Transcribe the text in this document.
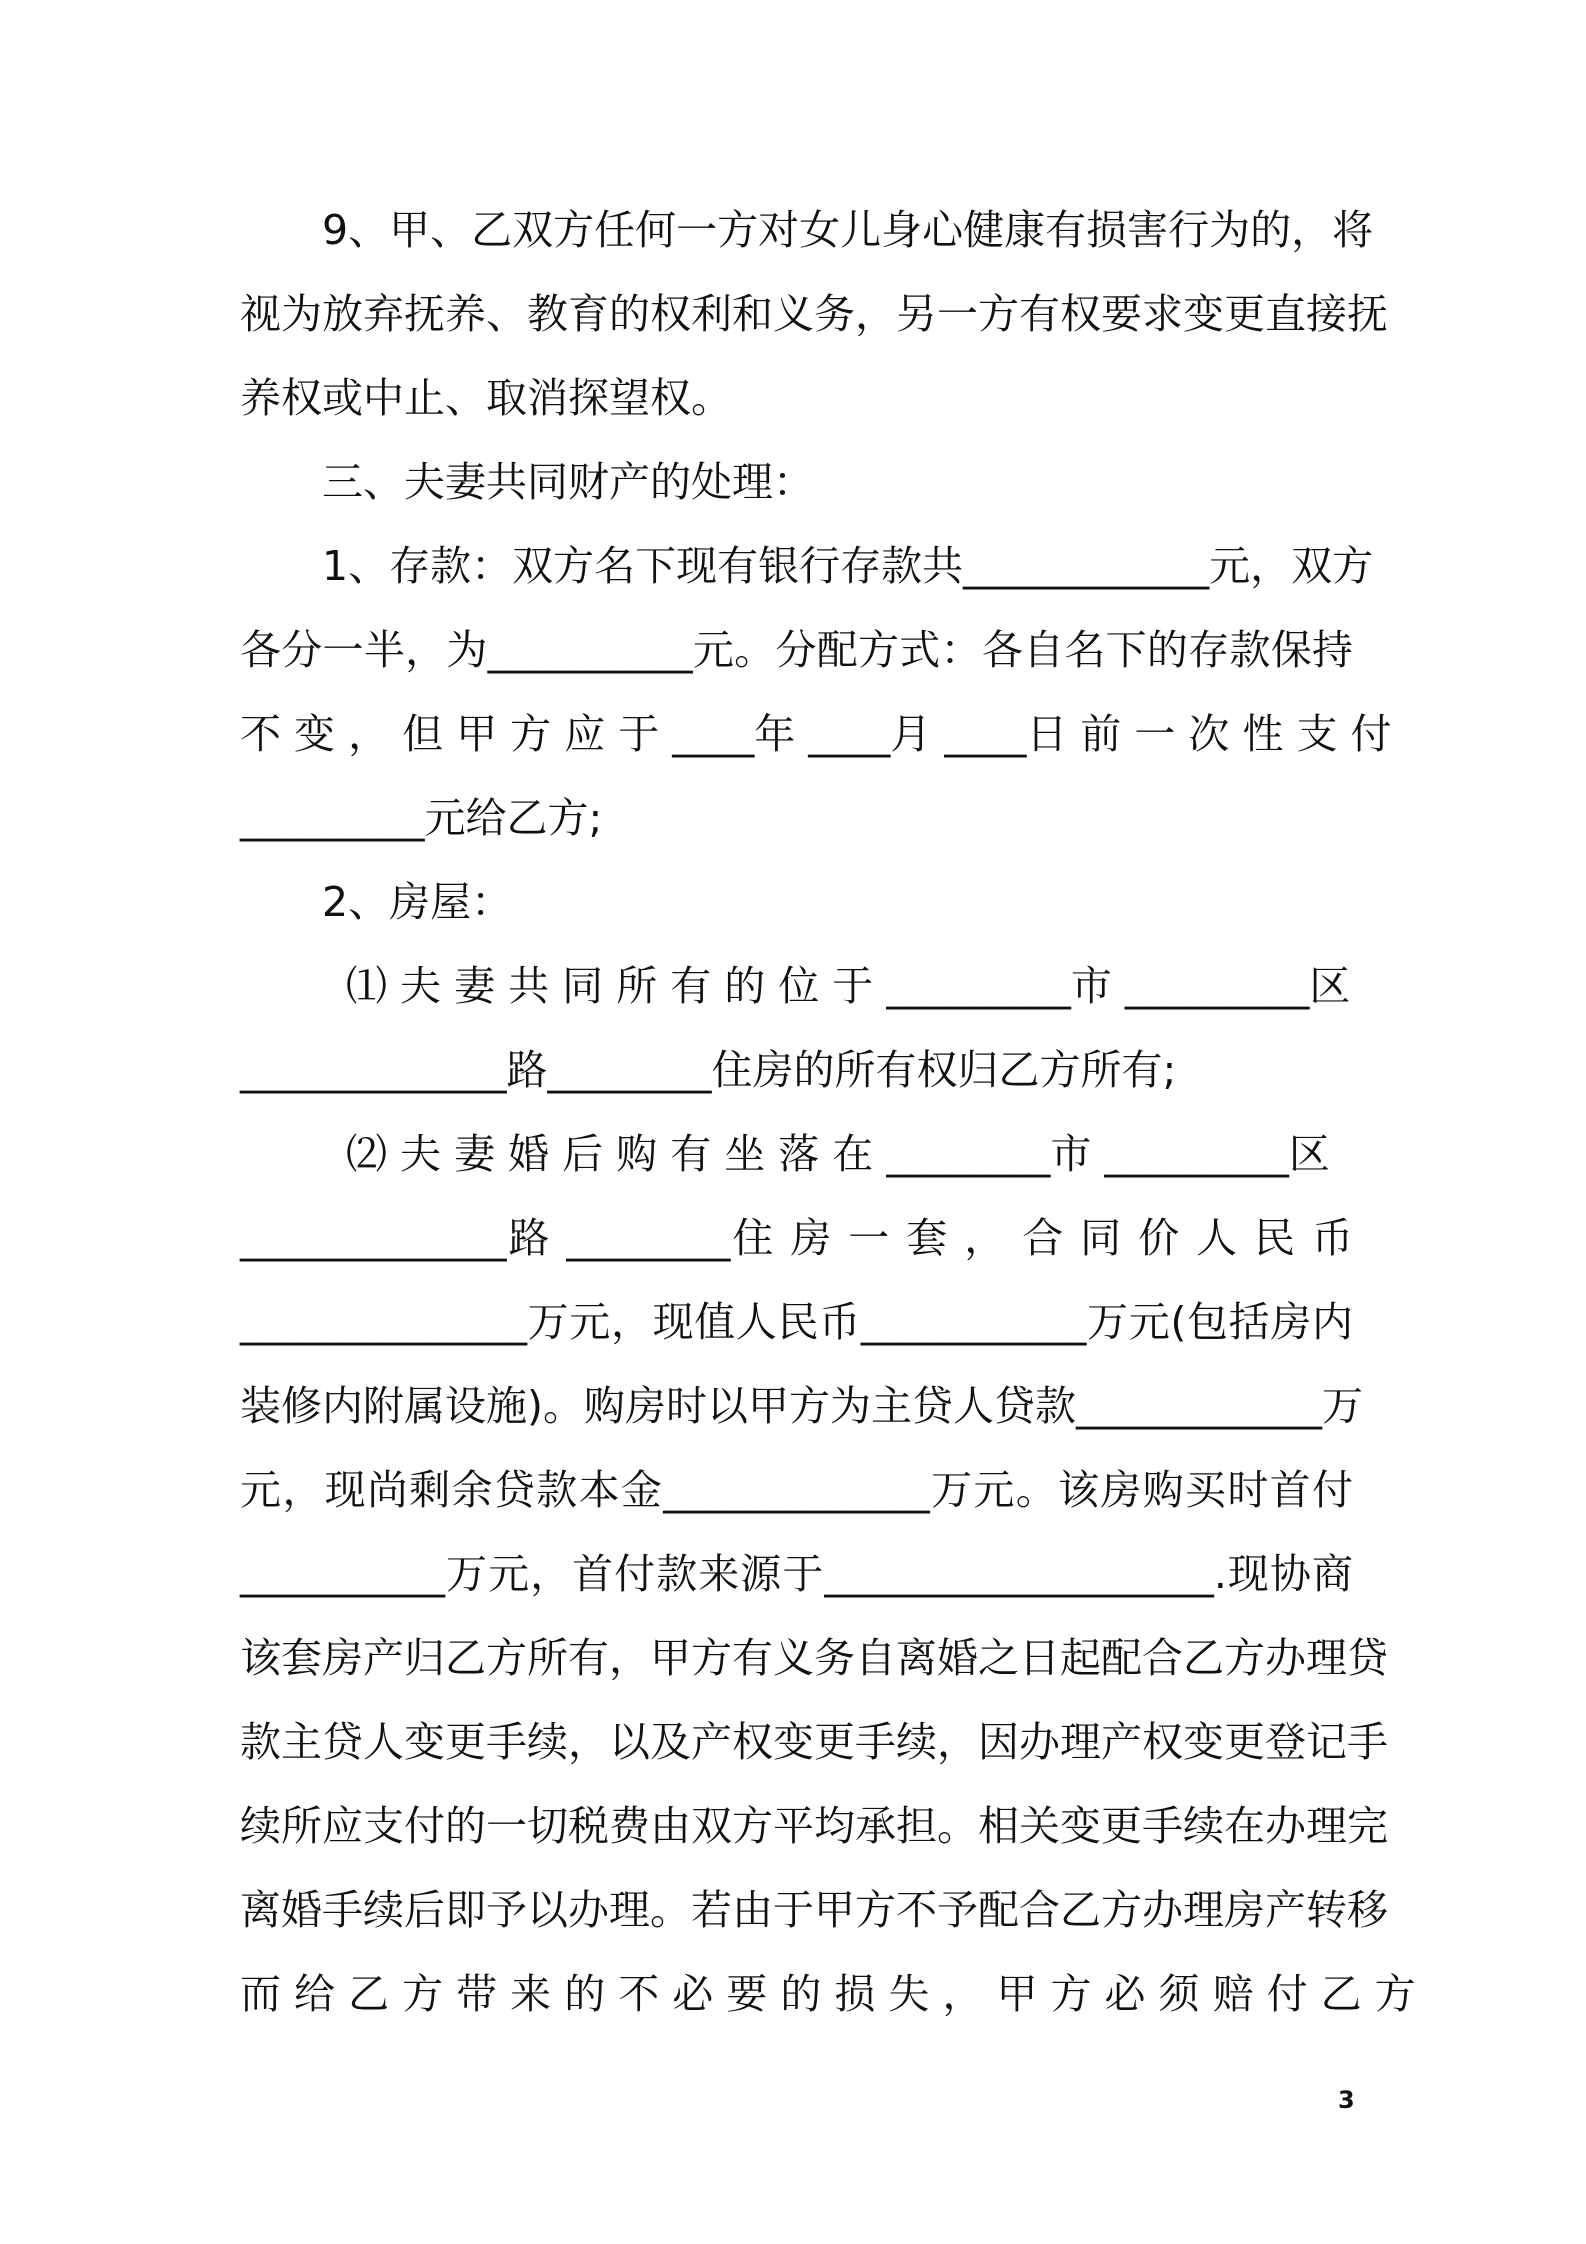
9、甲、乙双方任何一方对女儿身心健康有损害行为的，将
视为放弃抚养、教育的权利和义务，另一方有权要求变更直接抚
养权或中止、取消探望权。
三、夫妻共同财产的处理：
1、存款：双方名下现有银行存款共____________元，双方
各分一半，为__________元。分配方式：各自名下的存款保持
不 变 ， 但 甲 方 应 于 ____年 ____月 ____日 前 一 次 性 支 付
_________元给乙方;
2、房屋：
⑴ 夫 妻 共 同 所 有 的 位 于 _________市 _________区
_____________路________住房的所有权归乙方所有;
⑵ 夫 妻 婚 后 购 有 坐 落 在 ________市 _________区
_____________路 ________住 房 一 套 ， 合 同 价 人 民 币
______________万元，现值人民币___________万元(包括房内
装修内附属设施)。购房时以甲方为主贷人贷款____________万
元，现尚剩余贷款本金_____________万元。该房购买时首付
__________万元，首付款来源于___________________.现协商
该套房产归乙方所有，甲方有义务自离婚之日起配合乙方办理贷
款主贷人变更手续，以及产权变更手续，因办理产权变更登记手
续所应支付的一切税费由双方平均承担。相关变更手续在办理完
离婚手续后即予以办理。若由于甲方不予配合乙方办理房产转移
而 给 乙 方 带 来 的 不 必 要 的 损 失 ， 甲 方 必 须 赔 付 乙 方
3
